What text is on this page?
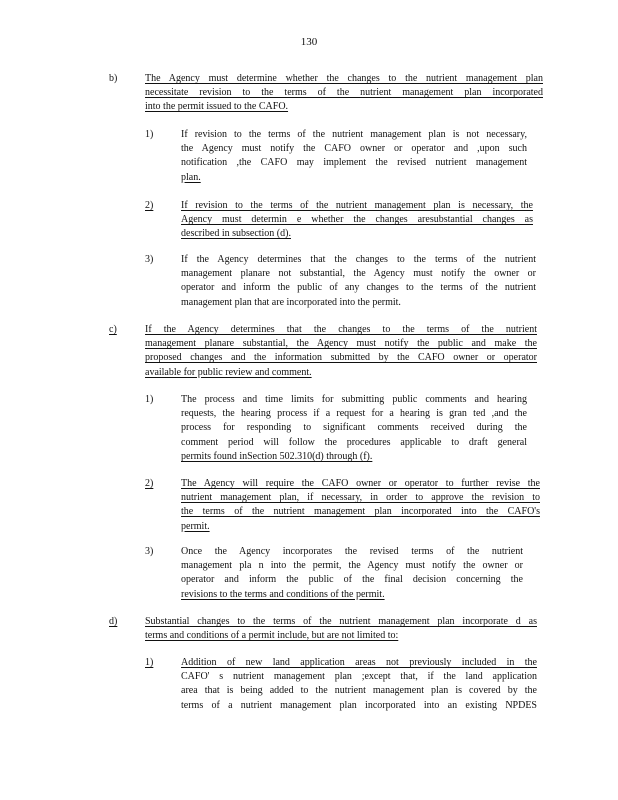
130
b)	The Agency must determine whether the changes to the nutrient management plan
necessitate revision to the terms of the nutrient management plan incorporated
into the permit issued to the CAFO.
1)	If revision to the terms of the nutrient management plan is not necessary,
the Agency must notify the CAFO owner or operator and ,upon such
notification ,the CAFO may implement the revised nutrient management
plan.
2)	If revision to the terms of the nutrient management plan is necessary, the
Agency must determin e whether the changes aresubstantial changes as
described in subsection (d).
3)	If the Agency determines that the changes to the terms of the nutrient
management planare not substantial, the Agency must notify the owner or
operator and inform the public of any changes to the terms of the nutrient
management plan that are incorporated into the permit.
c)	If the Agency determines that the changes to the terms of the nutrient
management planare substantial, the Agency must notify the public and make the
proposed changes and the information submitted by the CAFO owner or operator
available for public review and comment.
1)	The process and time limits for submitting public comments and hearing
requests, the hearing process if a request for a hearing is gran ted ,and the
process for responding to significant comments received during the
comment period will follow the procedures applicable to draft general
permits found inSection 502.310(d) through (f).
2)	The Agency will require the CAFO owner or operator to further revise the
nutrient management plan, if necessary, in order to approve the revision to
the terms of the nutrient management plan incorporated into the CAFO's
permit.
3)	Once the Agency incorporates the revised terms of the nutrient
management pla n into the permit, the Agency must notify the owner or
operator and inform the public of the final decision concerning the
revisions to the terms and conditions of the permit.
d)	Substantial changes to the terms of the nutrient management plan incorporate d as
terms and conditions of a permit include, but are not limited to:
1)	Addition of new land application areas not previously included in the
CAFO' s nutrient management plan ;except that, if the land application
area that is being added to the nutrient management plan is covered by the
terms of a nutrient management plan incorporated into an existing NPDES
